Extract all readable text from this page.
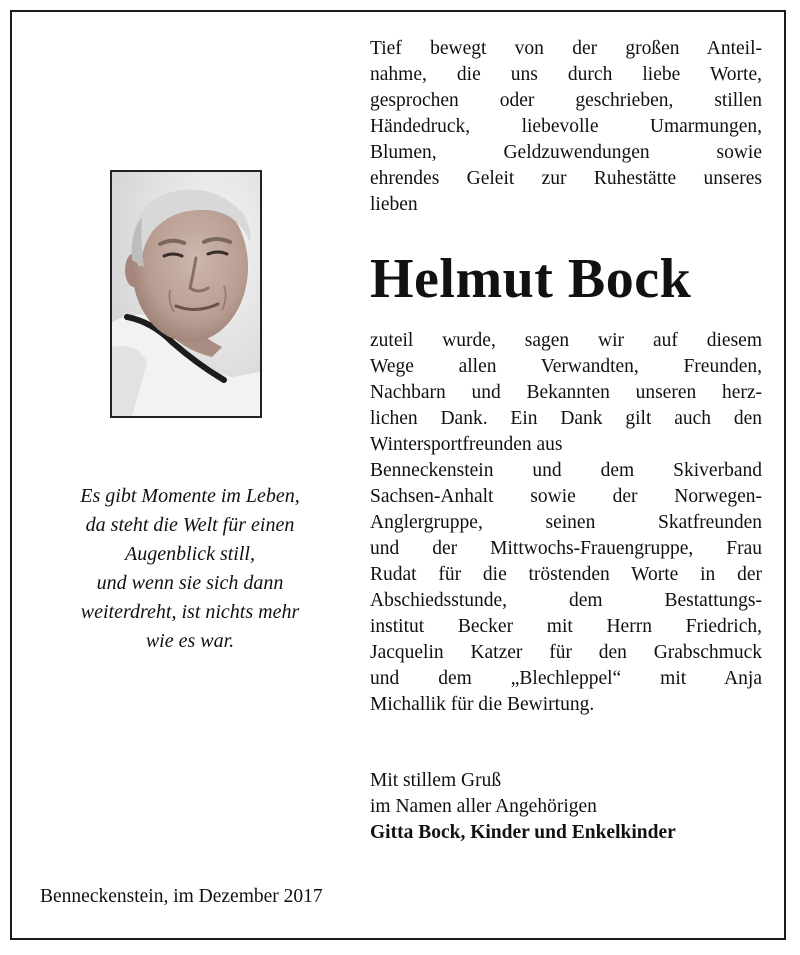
Es gibt Momente im Leben,
da steht die Welt für einen
Augenblick still,
und wenn sie sich dann
weiterdreht, ist nichts mehr
wie es war.
Tief bewegt von der großen Anteil-
nahme, die uns durch liebe Worte,
gesprochen oder geschrieben, stillen
Händedruck, liebevolle Umarmungen,
Blumen, Geldzuwendungen sowie
ehrendes Geleit zur Ruhestätte unseres
lieben
Helmut Bock
zuteil wurde, sagen wir auf diesem
Wege allen Verwandten, Freunden,
Nachbarn und Bekannten unseren herz-
lichen Dank. Ein Dank gilt auch den
Wintersportfreunden aus
Benneckenstein und dem Skiverband
Sachsen-Anhalt sowie der Norwegen-
Anglergruppe, seinen Skatfreunden
und der Mittwochs-Frauengruppe, Frau
Rudat für die tröstenden Worte in der
Abschiedsstunde, dem Bestattungs-
institut Becker mit Herrn Friedrich,
Jacquelin Katzer für den Grabschmuck
und dem „Blechleppel“ mit Anja
Michallik für die Bewirtung.
Mit stillem Gruß
im Namen aller Angehörigen
Gitta Bock, Kinder und Enkelkinder
Benneckenstein, im Dezember 2017
